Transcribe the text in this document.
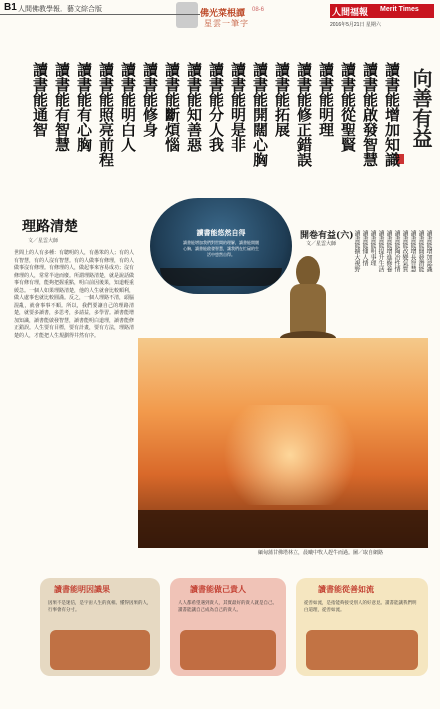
B1 人間佛教學報．藝文綜合版	佛光菜根譚 08-6
星雲一筆字
人間福報 Merit Times
2016年5月21日 星期六
向善有益
讀書能增加知識
讀書能啟發智慧
讀書能從聖賢
讀書能明理
讀書能修正錯誤
讀書能拓展
讀書能開闊心胸
讀書能明是非
讀書能分人我
讀書能知善惡
讀書能斷煩惱
讀書能修身
讀書能明白人
讀書能照亮前程
讀書能有心胸
讀書能有智慧
讀書能通智
理路清楚
文／星雲大師
世間上的人有多種：有聰明的人，有愚笨的人；有的人有智慧，有的人沒有智慧。有的人做事有條理，有的人做事沒有條理。有條理的人，做起事來容易成功；沒有條理的人，常常半途而廢。所謂理路清楚，就是說話做事有條有理，能夠把握重點，明白前因後果，知道輕重緩急。一個人如果理路清楚，他的人生就會比較順利，做人處事也就比較圓滿。反之，一個人理路不清，頭腦混亂，就會事事不順。所以，我們要讓自己的理路清楚，就要多讀書，多思考，多請益，多學習。讀書能增加知識，讀書能啟發智慧，讀書能明白道理，讀書能修正錯誤。人生要有目標，要有計畫，要有方法，理路清楚的人，才能把人生規劃得井然有序。
讀書能悠然自得
讀書能增加我們對世間的理解，讀書能開闊心胸，讀書能啟發智慧，讓我們在忙碌的生活中悠然自得。
開卷有益(六)
文／星雲大師	讀書能增加認識
讀書能開發潛能
讀書能增長智慧
讀書能改變氣質
讀書能陶冶性情
讀書能增進修養
讀書能提升生活
讀書能明事理
讀書能懂人情
讀書能擴大視野
緬甸蒲甘佛塔林立，晨曦中牧人趕牛而過。圖／取自網路
讀書能明因識果
因果不是迷信，是宇宙人生的真相。懂得因果的人，行事會有分寸。
讀書能做己貴人
人人都希望遇到貴人，其實最好的貴人就是自己。讀書能讓自己成為自己的貴人。
讀書能從善如流
從善如流，是指能夠接受別人的好意見。讀書能讓我們明白道理，從善如流。
